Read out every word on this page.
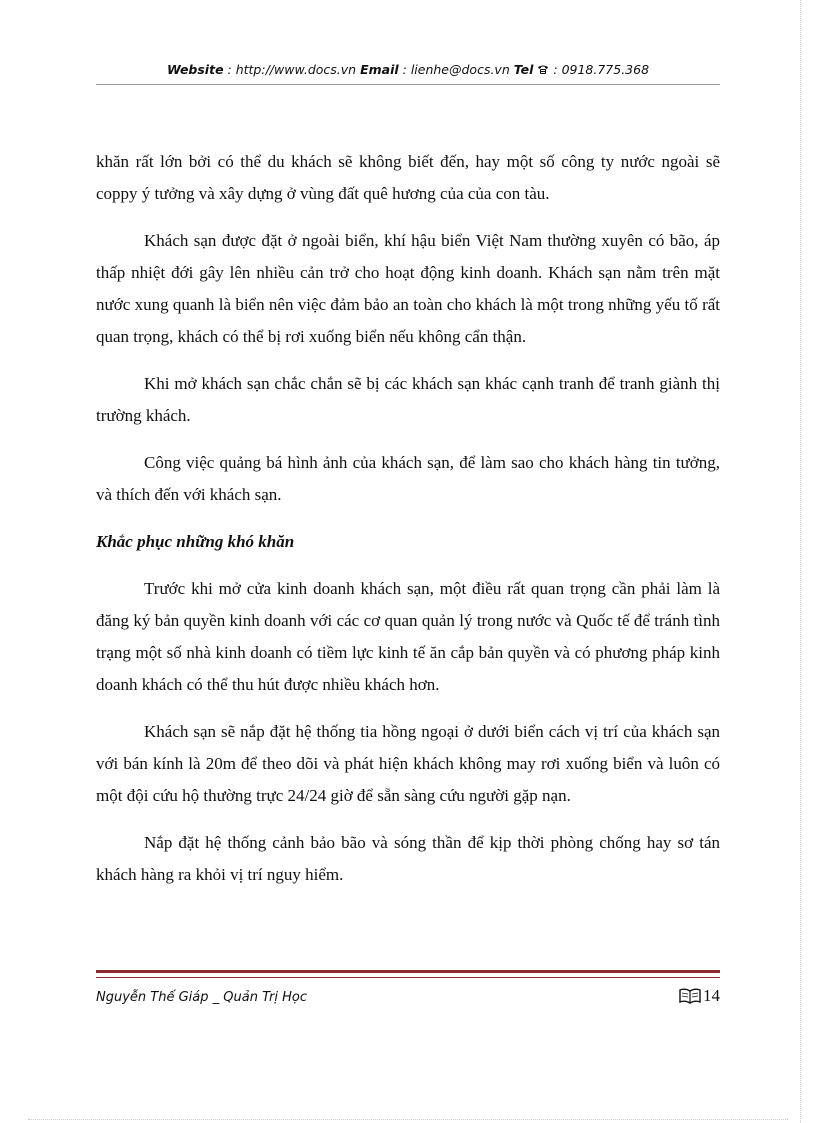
Website : http://www.docs.vn Email : lienhe@docs.vn Tel  : 0918.775.368

khăn rất lớn bởi có thể du khách sẽ không biết đến, hay một số công ty nước ngoài sẽ coppy ý tưởng và xây dựng ở vùng đất quê hương của của con tàu.

Khách sạn được đặt ở ngoài biển, khí hậu biển Việt Nam thường xuyên có bão, áp thấp nhiệt đới gây lên nhiều cản trở cho hoạt động kinh doanh. Khách sạn nằm trên mặt nước xung quanh là biển nên việc đảm bảo an toàn cho khách là một trong những yếu tố rất quan trọng, khách có thể bị rơi xuống biển nếu không cẩn thận.

Khi mở khách sạn chắc chắn sẽ bị các khách sạn khác cạnh tranh để tranh giành thị trường khách.

Công việc quảng bá hình ảnh của khách sạn, để làm sao cho khách hàng tin tưởng, và thích đến với khách sạn.

Khắc phục những khó khăn

Trước khi mở cửa kinh doanh khách sạn, một điều rất quan trọng cần phải làm là đăng ký bản quyền kinh doanh với các cơ quan quản lý trong nước và Quốc tế để tránh tình trạng một số nhà kinh doanh có tiềm lực kinh tế ăn cắp bản quyền và có phương pháp kinh doanh khách có thể thu hút được nhiều khách hơn.

Khách sạn sẽ nắp đặt hệ thống tia hồng ngoại ở dưới biển cách vị trí của khách sạn với bán kính là 20m để theo dõi và phát hiện khách không may rơi xuống biển và luôn có một đội cứu hộ thường trực 24/24 giờ để sẵn sàng cứu người gặp nạn.

Nắp đặt hệ thống cảnh bảo bão và sóng thần để kịp thời phòng chống hay sơ tán khách hàng ra khỏi vị trí nguy hiểm.

Nguyễn Thế Giáp _ Quản Trị Học	14
